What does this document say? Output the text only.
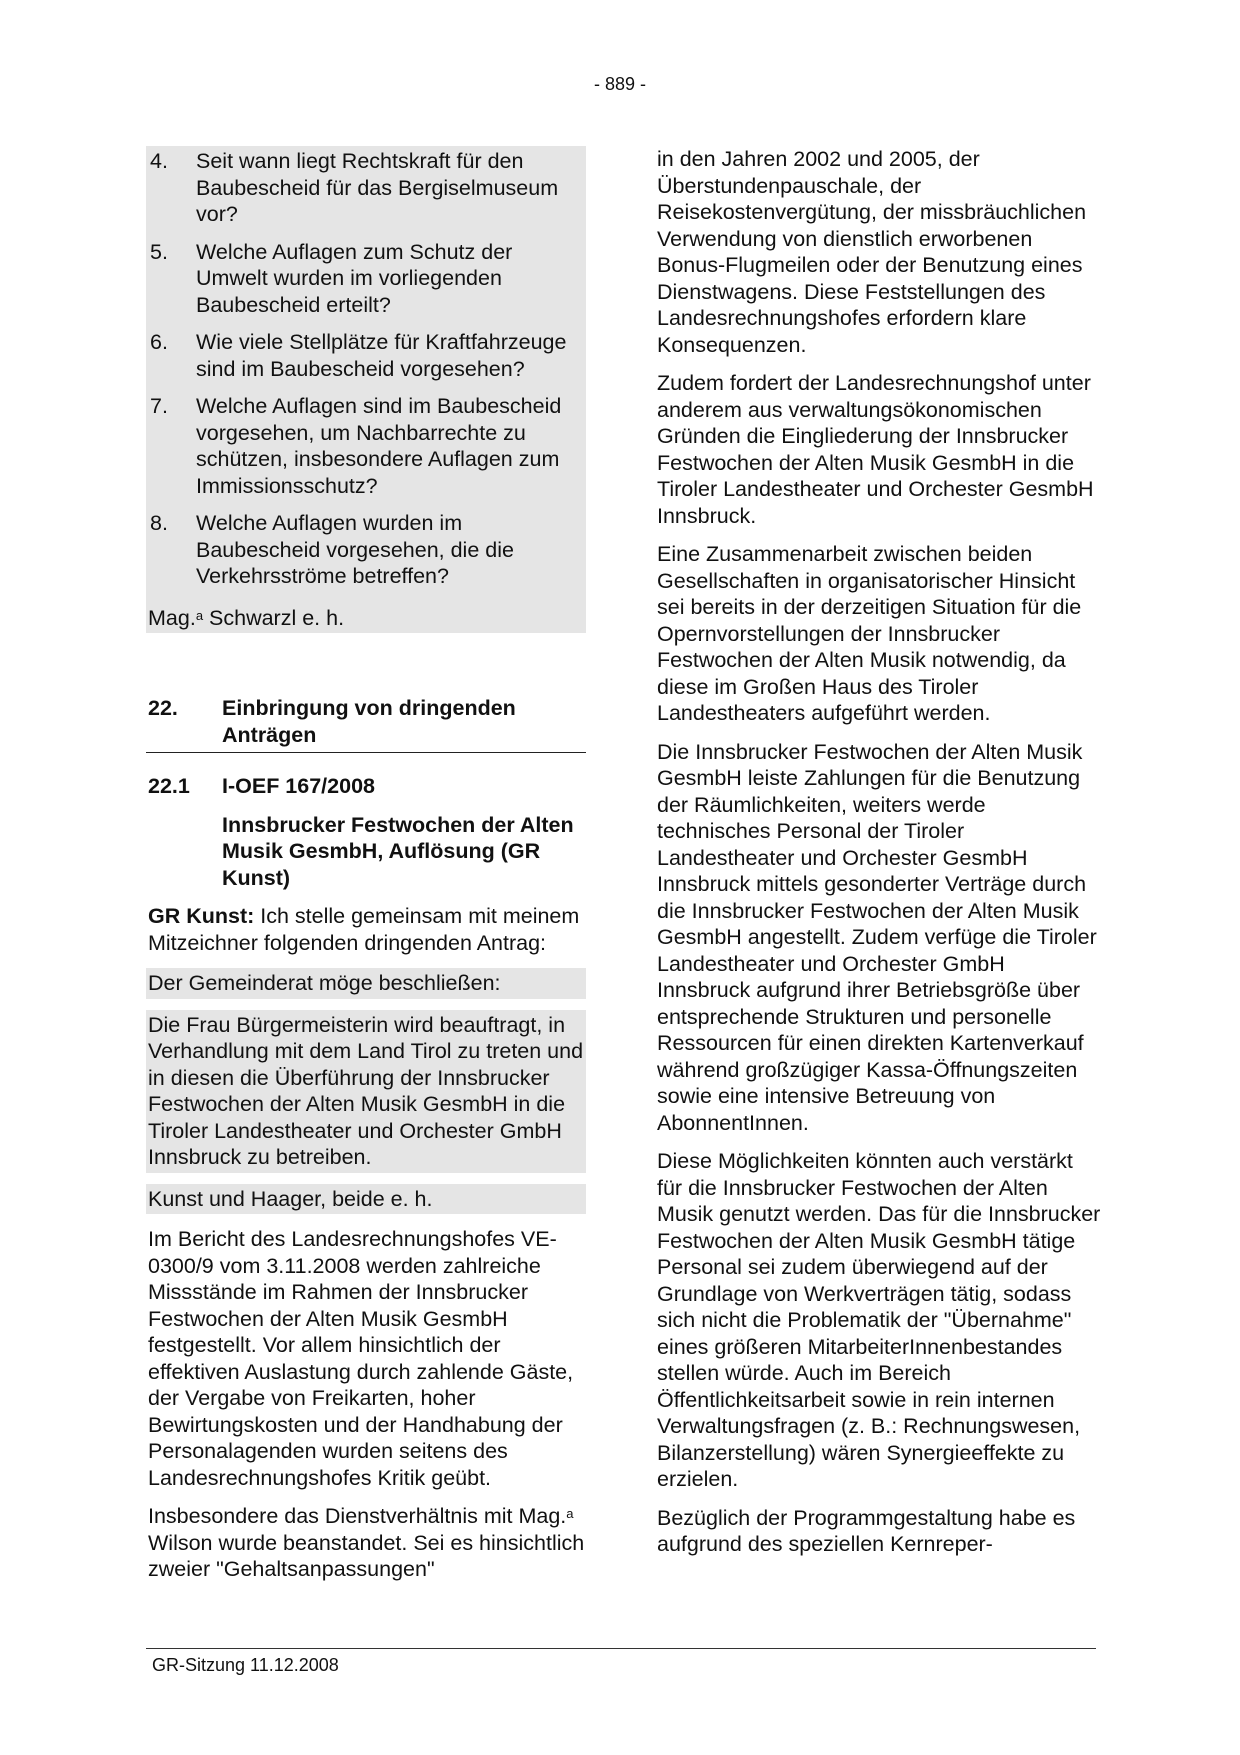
- 889 -
4. Seit wann liegt Rechtskraft für den Baubescheid für das Bergiselmuseum vor?
5. Welche Auflagen zum Schutz der Umwelt wurden im vorliegenden Baubescheid erteilt?
6. Wie viele Stellplätze für Kraftfahrzeuge sind im Baubescheid vorgesehen?
7. Welche Auflagen sind im Baubescheid vorgesehen, um Nachbarrechte zu schützen, insbesondere Auflagen zum Immissionsschutz?
8. Welche Auflagen wurden im Baubescheid vorgesehen, die die Verkehrsströme betreffen?
Mag.$^a$ Schwarzl e. h.
22. Einbringung von dringenden Anträgen
22.1 I-OEF 167/2008
Innsbrucker Festwochen der Alten Musik GesmbH, Auflösung (GR Kunst)

GR Kunst: Ich stelle gemeinsam mit meinem Mitzeichner folgenden dringenden Antrag:

Der Gemeinderat möge beschließen:
Die Frau Bürgermeisterin wird beauftragt, in Verhandlung mit dem Land Tirol zu treten und in diesen die Überführung der Innsbrucker Festwochen der Alten Musik GesmbH in die Tiroler Landestheater und Orchester GmbH Innsbruck zu betreiben.
Kunst und Haager, beide e. h.

Im Bericht des Landesrechnungshofes VE-0300/9 vom 3.11.2008 werden zahlreiche Missstände im Rahmen der Innsbrucker Festwochen der Alten Musik GesmbH festgestellt. Vor allem hinsichtlich der effektiven Auslastung durch zahlende Gäste, der Vergabe von Freikarten, hoher Bewirtungskosten und der Handhabung der Personalagenden wurden seitens des Landesrechnungshofes Kritik geübt.

Insbesondere das Dienstverhältnis mit Mag.$^a$ Wilson wurde beanstandet. Sei es hinsichtlich zweier "Gehaltsanpassungen"

in den Jahren 2002 und 2005, der Überstundenpauschale, der Reisekostenvergütung, der missbräuchlichen Verwendung von dienstlich erworbenen Bonus-Flugmeilen oder der Benutzung eines Dienstwagens. Diese Feststellungen des Landesrechnungshofes erfordern klare Konsequenzen.

Zudem fordert der Landesrechnungshof unter anderem aus verwaltungsökonomischen Gründen die Eingliederung der Innsbrucker Festwochen der Alten Musik GesmbH in die Tiroler Landestheater und Orchester GesmbH Innsbruck.

Eine Zusammenarbeit zwischen beiden Gesellschaften in organisatorischer Hinsicht sei bereits in der derzeitigen Situation für die Opernvorstellungen der Innsbrucker Festwochen der Alten Musik notwendig, da diese im Großen Haus des Tiroler Landestheaters aufgeführt werden.

Die Innsbrucker Festwochen der Alten Musik GesmbH leiste Zahlungen für die Benutzung der Räumlichkeiten, weiters werde technisches Personal der Tiroler Landestheater und Orchester GesmbH Innsbruck mittels gesonderter Verträge durch die Innsbrucker Festwochen der Alten Musik GesmbH angestellt. Zudem verfüge die Tiroler Landestheater und Orchester GmbH Innsbruck aufgrund ihrer Betriebsgröße über entsprechende Strukturen und personelle Ressourcen für einen direkten Kartenverkauf während großzügiger Kassa-Öffnungszeiten sowie eine intensive Betreuung von AbonnentInnen.

Diese Möglichkeiten könnten auch verstärkt für die Innsbrucker Festwochen der Alten Musik genutzt werden. Das für die Innsbrucker Festwochen der Alten Musik GesmbH tätige Personal sei zudem überwiegend auf der Grundlage von Werkverträgen tätig, sodass sich nicht die Problematik der "Übernahme" eines größeren MitarbeiterInnenbestandes stellen würde. Auch im Bereich Öffentlichkeitsarbeit sowie in rein internen Verwaltungsfragen (z. B.: Rechnungswesen, Bilanzerstellung) wären Synergieeffekte zu erzielen.

Bezüglich der Programmgestaltung habe es aufgrund des speziellen Kernreper-

GR-Sitzung 11.12.2008
